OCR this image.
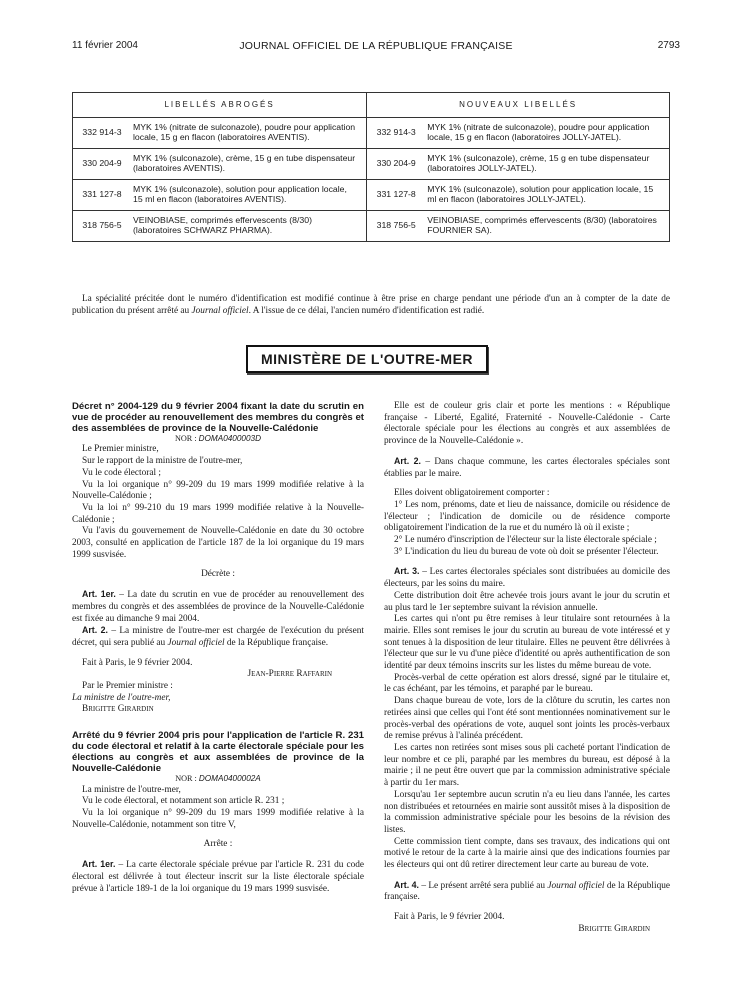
11 février 2004	JOURNAL OFFICIEL DE LA RÉPUBLIQUE FRANÇAISE	2793
LIBELLÉS ABROGÉS		NOUVEAUX LIBELLÉS	
332 914-3	MYK 1% (nitrate de sulconazole), poudre pour application locale, 15 g en flacon (laboratoires AVENTIS).	332 914-3	MYK 1% (nitrate de sulconazole), poudre pour application locale, 15 g en flacon (laboratoires JOLLY-JATEL).
330 204-9	MYK 1% (sulconazole), crème, 15 g en tube dispensateur (laboratoires AVENTIS).	330 204-9	MYK 1% (sulconazole), crème, 15 g en tube dispensateur (laboratoires JOLLY-JATEL).
331 127-8	MYK 1% (sulconazole), solution pour application locale, 15 ml en flacon (laboratoires AVENTIS).	331 127-8	MYK 1% (sulconazole), solution pour application locale, 15 ml en flacon (laboratoires JOLLY-JATEL).
318 756-5	VEINOBIASE, comprimés effervescents (8/30) (laboratoires SCHWARZ PHARMA).	318 756-5	VEINOBIASE, comprimés effervescents (8/30) (laboratoires FOURNIER SA).

La spécialité précitée dont le numéro d'identification est modifié continue à être prise en charge pendant une période d'un an à compter de la date de publication du présent arrêté au Journal officiel. A l'issue de ce délai, l'ancien numéro d'identification est radié.

MINISTÈRE DE L'OUTRE-MER

Décret n° 2004-129 du 9 février 2004 fixant la date du scrutin en vue de procéder au renouvellement des membres du congrès et des assemblées de province de la Nouvelle-Calédonie

NOR : DOMA0400003D

Le Premier ministre,

Sur le rapport de la ministre de l'outre-mer,

Vu le code électoral ;

Vu la loi organique n° 99-209 du 19 mars 1999 modifiée relative à la Nouvelle-Calédonie ;

Vu la loi n° 99-210 du 19 mars 1999 modifiée relative à la Nouvelle-Calédonie ;

Vu l'avis du gouvernement de Nouvelle-Calédonie en date du 30 octobre 2003, consulté en application de l'article 187 de la loi organique du 19 mars 1999 susvisée.

Décrète :

Art. 1er. – La date du scrutin en vue de procéder au renouvellement des membres du congrès et des assemblées de province de la Nouvelle-Calédonie est fixée au dimanche 9 mai 2004.

Art. 2. – La ministre de l'outre-mer est chargée de l'exécution du présent décret, qui sera publié au Journal officiel de la République française.

Fait à Paris, le 9 février 2004.

Jean-Pierre Raffarin

Par le Premier ministre :

La ministre de l'outre-mer,

Brigitte Girardin

Arrêté du 9 février 2004 pris pour l'application de l'article R. 231 du code électoral et relatif à la carte électorale spéciale pour les élections au congrès et aux assemblées de province de la Nouvelle-Calédonie

NOR : DOMA0400002A

La ministre de l'outre-mer,

Vu le code électoral, et notamment son article R. 231 ;

Vu la loi organique n° 99-209 du 19 mars 1999 modifiée relative à la Nouvelle-Calédonie, notamment son titre V,

Arrête :

Art. 1er. – La carte électorale spéciale prévue par l'article R. 231 du code électoral est délivrée à tout électeur inscrit sur la liste électorale spéciale prévue à l'article 189-1 de la loi organique du 19 mars 1999 susvisée.

Elle est de couleur gris clair et porte les mentions : « République française - Liberté, Egalité, Fraternité - Nouvelle-Calédonie - Carte électorale spéciale pour les élections au congrès et aux assemblées de province de la Nouvelle-Calédonie ».

Art. 2. – Dans chaque commune, les cartes électorales spéciales sont établies par le maire.

Elles doivent obligatoirement comporter :

1° Les nom, prénoms, date et lieu de naissance, domicile ou résidence de l'électeur ; l'indication de domicile ou de résidence comporte obligatoirement l'indication de la rue et du numéro là où il existe ;

2° Le numéro d'inscription de l'électeur sur la liste électorale spéciale ;

3° L'indication du lieu du bureau de vote où doit se présenter l'électeur.

Art. 3. – Les cartes électorales spéciales sont distribuées au domicile des électeurs, par les soins du maire.

Cette distribution doit être achevée trois jours avant le jour du scrutin et au plus tard le 1er septembre suivant la révision annuelle.

Les cartes qui n'ont pu être remises à leur titulaire sont retournées à la mairie. Elles sont remises le jour du scrutin au bureau de vote intéressé et y sont tenues à la disposition de leur titulaire. Elles ne peuvent être délivrées à l'électeur que sur le vu d'une pièce d'identité ou après authentification de son identité par deux témoins inscrits sur les listes du même bureau de vote.

Procès-verbal de cette opération est alors dressé, signé par le titulaire et, le cas échéant, par les témoins, et paraphé par le bureau.

Dans chaque bureau de vote, lors de la clôture du scrutin, les cartes non retirées ainsi que celles qui l'ont été sont mentionnées nominativement sur le procès-verbal des opérations de vote, auquel sont joints les procès-verbaux de remise prévus à l'alinéa précédent.

Les cartes non retirées sont mises sous pli cacheté portant l'indication de leur nombre et ce pli, paraphé par les membres du bureau, est déposé à la mairie ; il ne peut être ouvert que par la commission administrative spéciale à partir du 1er mars.

Lorsqu'au 1er septembre aucun scrutin n'a eu lieu dans l'année, les cartes non distribuées et retournées en mairie sont aussitôt mises à la disposition de la commission administrative spéciale pour les besoins de la révision des listes.

Cette commission tient compte, dans ses travaux, des indications qui ont motivé le retour de la carte à la mairie ainsi que des indications fournies par les électeurs qui ont dû retirer directement leur carte au bureau de vote.

Art. 4. – Le présent arrêté sera publié au Journal officiel de la République française.

Fait à Paris, le 9 février 2004.

Brigitte Girardin
